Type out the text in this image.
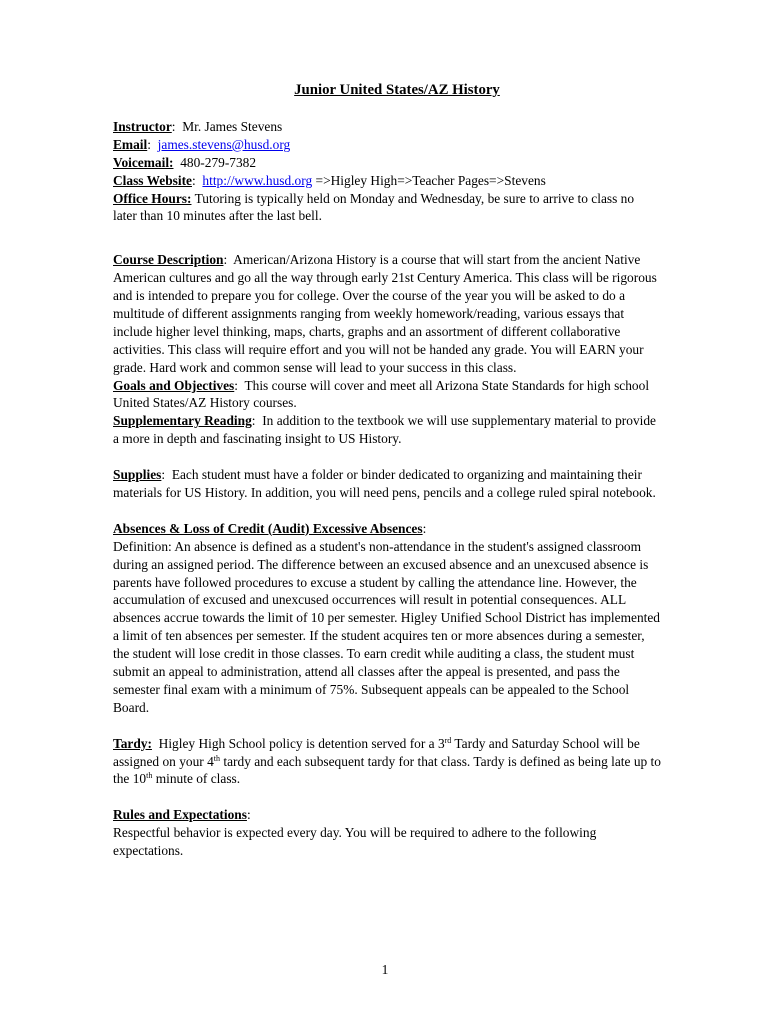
Junior United States/AZ History
Instructor:  Mr. James Stevens
Email:  james.stevens@husd.org
Voicemail: 480-279-7382
Class Website:  http://www.husd.org =>Higley High=>Teacher Pages=>Stevens
Office Hours: Tutoring is typically held on Monday and Wednesday, be sure to arrive to class no later than 10 minutes after the last bell.
Course Description:  American/Arizona History is a course that will start from the ancient Native American cultures and go all the way through early 21st Century America. This class will be rigorous and is intended to prepare you for college. Over the course of the year you will be asked to do a multitude of different assignments ranging from weekly homework/reading, various essays that include higher level thinking, maps, charts, graphs and an assortment of different collaborative activities. This class will require effort and you will not be handed any grade. You will EARN your grade. Hard work and common sense will lead to your success in this class.
Goals and Objectives:  This course will cover and meet all Arizona State Standards for high school United States/AZ History courses.
Supplementary Reading:  In addition to the textbook we will use supplementary material to provide a more in depth and fascinating insight to US History.
Supplies:  Each student must have a folder or binder dedicated to organizing and maintaining their materials for US History. In addition, you will need pens, pencils and a college ruled spiral notebook.
Absences & Loss of Credit (Audit) Excessive Absences:
Definition: An absence is defined as a student's non-attendance in the student's assigned classroom during an assigned period. The difference between an excused absence and an unexcused absence is parents have followed procedures to excuse a student by calling the attendance line. However, the accumulation of excused and unexcused occurrences will result in potential consequences. ALL absences accrue towards the limit of 10 per semester. Higley Unified School District has implemented a limit of ten absences per semester. If the student acquires ten or more absences during a semester, the student will lose credit in those classes. To earn credit while auditing a class, the student must submit an appeal to administration, attend all classes after the appeal is presented, and pass the semester final exam with a minimum of 75%. Subsequent appeals can be appealed to the School Board.
Tardy: Higley High School policy is detention served for a 3rd Tardy and Saturday School will be assigned on your 4th tardy and each subsequent tardy for that class. Tardy is defined as being late up to the 10th minute of class.
Rules and Expectations:
Respectful behavior is expected every day. You will be required to adhere to the following expectations.
1
